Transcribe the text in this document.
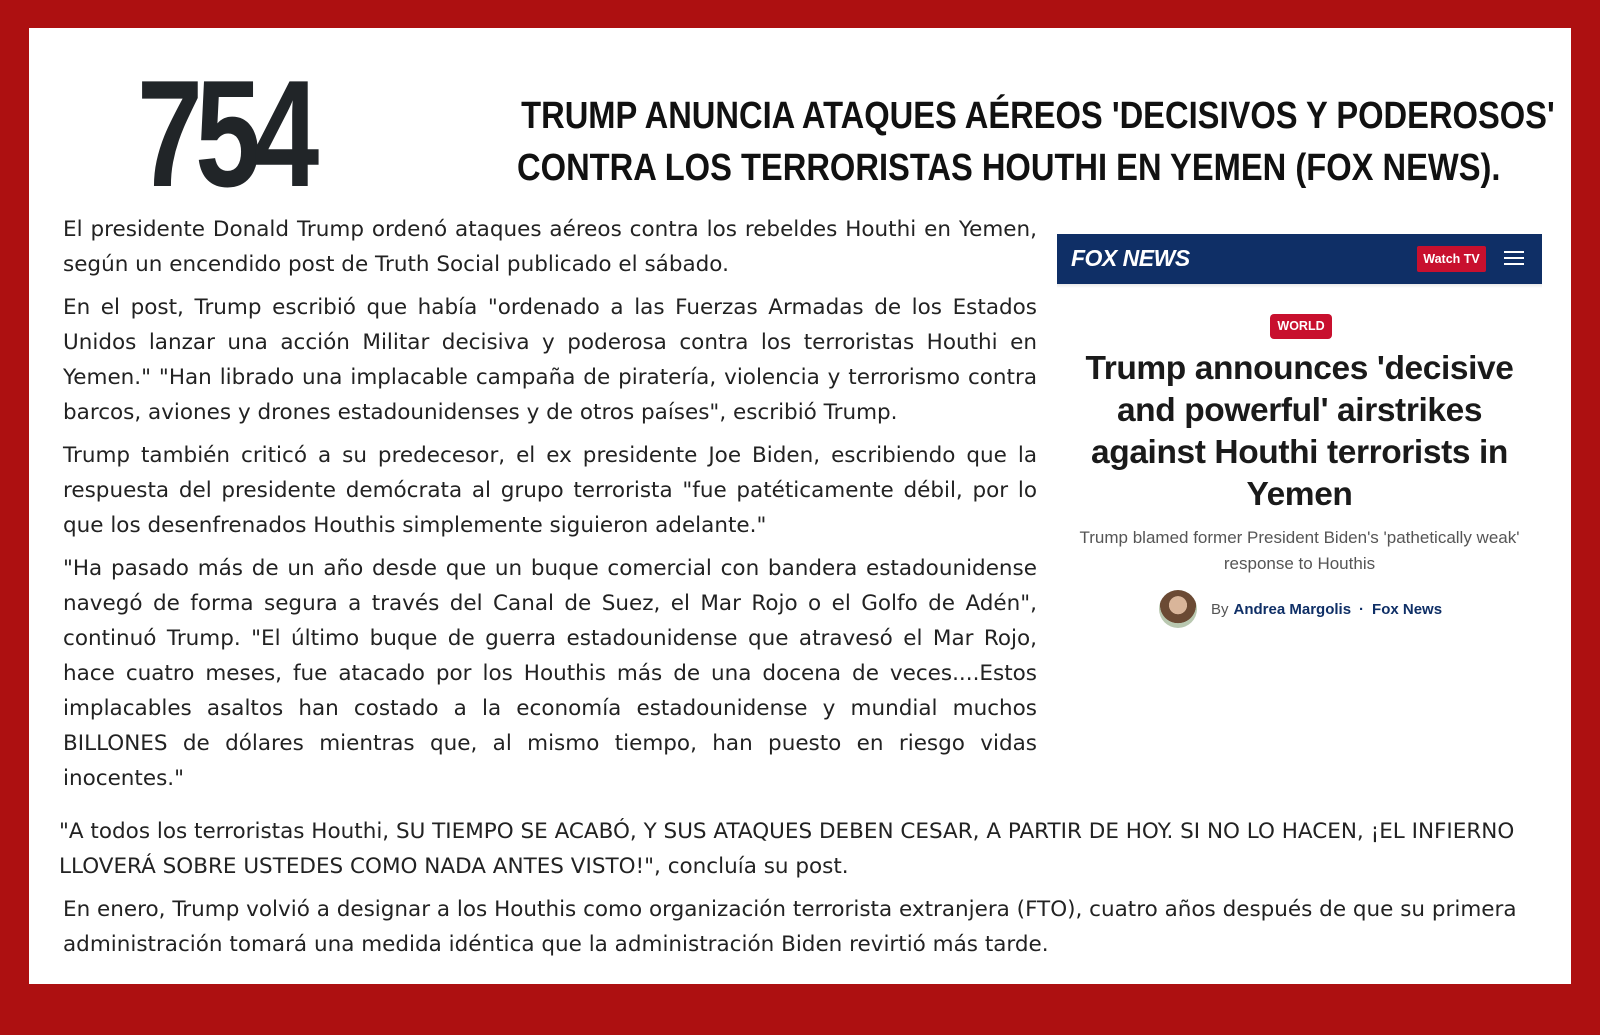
754	TRUMP ANUNCIA ATAQUES AÉREOS 'DECISIVOS Y PODEROSOS'
CONTRA LOS TERRORISTAS HOUTHI EN YEMEN (FOX NEWS).

El presidente Donald Trump ordenó ataques aéreos contra los rebeldes Houthi en Yemen, según un encendido post de Truth Social publicado el sábado.

En el post, Trump escribió que había "ordenado a las Fuerzas Armadas de los Estados Unidos lanzar una acción Militar decisiva y poderosa contra los terroristas Houthi en Yemen." "Han librado una implacable campaña de piratería, violencia y terrorismo contra barcos, aviones y drones estadounidenses y de otros países", escribió Trump.

Trump también criticó a su predecesor, el ex presidente Joe Biden, escribiendo que la respuesta del presidente demócrata al grupo terrorista "fue patéticamente débil, por lo que los desenfrenados Houthis simplemente siguieron adelante."

"Ha pasado más de un año desde que un buque comercial con bandera estadounidense navegó de forma segura a través del Canal de Suez, el Mar Rojo o el Golfo de Adén", continuó Trump. "El último buque de guerra estadounidense que atravesó el Mar Rojo, hace cuatro meses, fue atacado por los Houthis más de una docena de veces....Estos implacables asaltos han costado a la economía estadounidense y mundial muchos BILLONES de dólares mientras que, al mismo tiempo, han puesto en riesgo vidas inocentes."

"A todos los terroristas Houthi, SU TIEMPO SE ACABÓ, Y SUS ATAQUES DEBEN CESAR, A PARTIR DE HOY. SI NO LO HACEN, ¡EL INFIERNO LLOVERÁ SOBRE USTEDES COMO NADA ANTES VISTO!", concluía su post.

En enero, Trump volvió a designar a los Houthis como organización terrorista extranjera (FTO), cuatro años después de que su primera administración tomará una medida idéntica que la administración Biden revirtió más tarde.

FOX NEWS	Watch TV
WORLD
Trump announces 'decisive and powerful' airstrikes against Houthi terrorists in Yemen
Trump blamed former President Biden's 'pathetically weak' response to Houthis
By Andrea Margolis · Fox News
